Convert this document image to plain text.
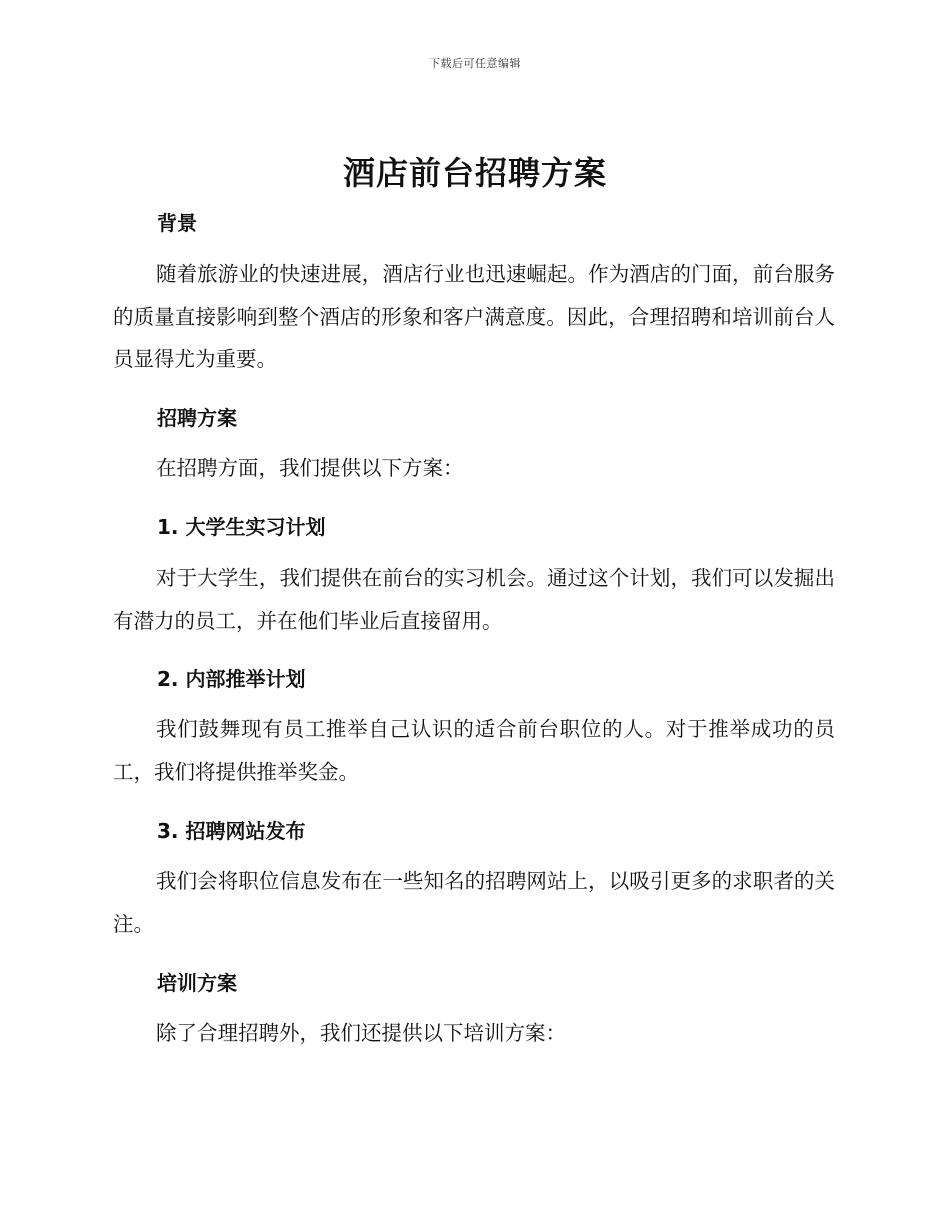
下载后可任意编辑
酒店前台招聘方案
背景

随着旅游业的快速进展，酒店行业也迅速崛起。作为酒店的门面，前台服务的质量直接影响到整个酒店的形象和客户满意度。因此，合理招聘和培训前台人员显得尤为重要。

招聘方案

在招聘方面，我们提供以下方案：

1. 大学生实习计划

对于大学生，我们提供在前台的实习机会。通过这个计划，我们可以发掘出有潜力的员工，并在他们毕业后直接留用。

2. 内部推举计划

我们鼓舞现有员工推举自己认识的适合前台职位的人。对于推举成功的员工，我们将提供推举奖金。

3. 招聘网站发布

我们会将职位信息发布在一些知名的招聘网站上，以吸引更多的求职者的关注。

培训方案

除了合理招聘外，我们还提供以下培训方案：
